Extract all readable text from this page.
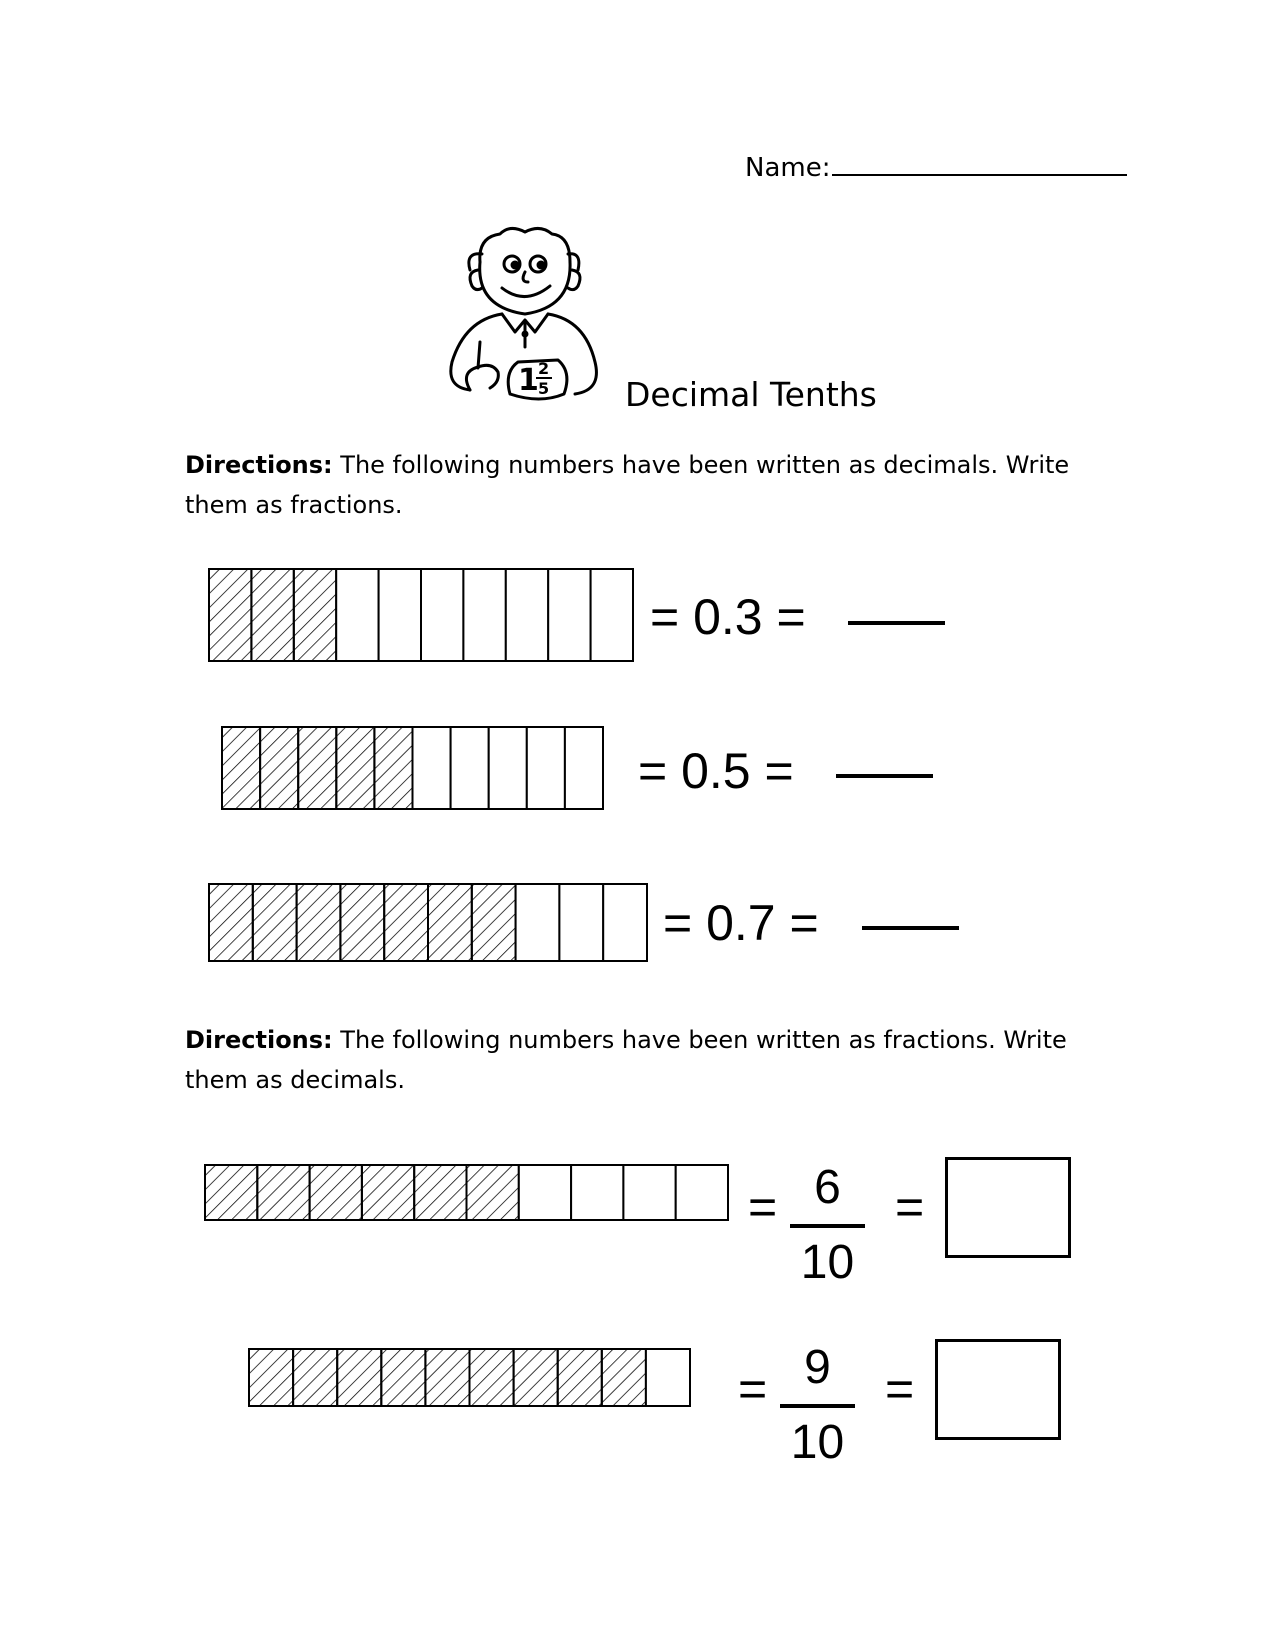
Name:
1 2
5 Decimal Tenths
Directions: The following numbers have been written as decimals. Write them as fractions.
= 0.3 =
= 0.5 =
= 0.7 =
Directions: The following numbers have been written as fractions. Write them as decimals.
= 6
10
=
= 9
10
=
